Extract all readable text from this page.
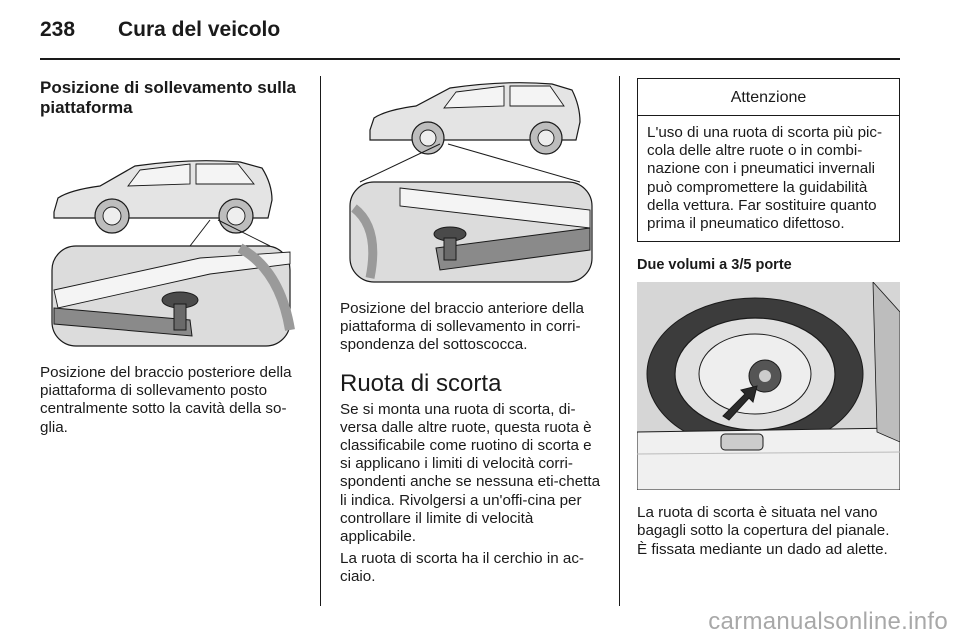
238	Cura del veicolo
Posizione di sollevamento sulla piattaforma
Posizione del braccio posteriore della piattaforma di sollevamento posto centralmente sotto la cavità della so-glia.
Posizione del braccio anteriore della piattaforma di sollevamento in corri-spondenza del sottoscocca.
Ruota di scorta
Se si monta una ruota di scorta, di-versa dalle altre ruote, questa ruota è classificabile come ruotino di scorta e si applicano i limiti di velocità corri-spondenti anche se nessuna eti-chetta li indica. Rivolgersi a un'offi-cina per controllare il limite di velocità applicabile.
La ruota di scorta ha il cerchio in ac-ciaio.
Attenzione
L'uso di una ruota di scorta più pic-cola delle altre ruote o in combi-nazione con i pneumatici invernali può compromettere la guidabilità della vettura. Far sostituire quanto prima il pneumatico difettoso.
Due volumi a 3/5 porte
La ruota di scorta è situata nel vano bagagli sotto la copertura del pianale. È fissata mediante un dado ad alette.
carmanualsonline.info
